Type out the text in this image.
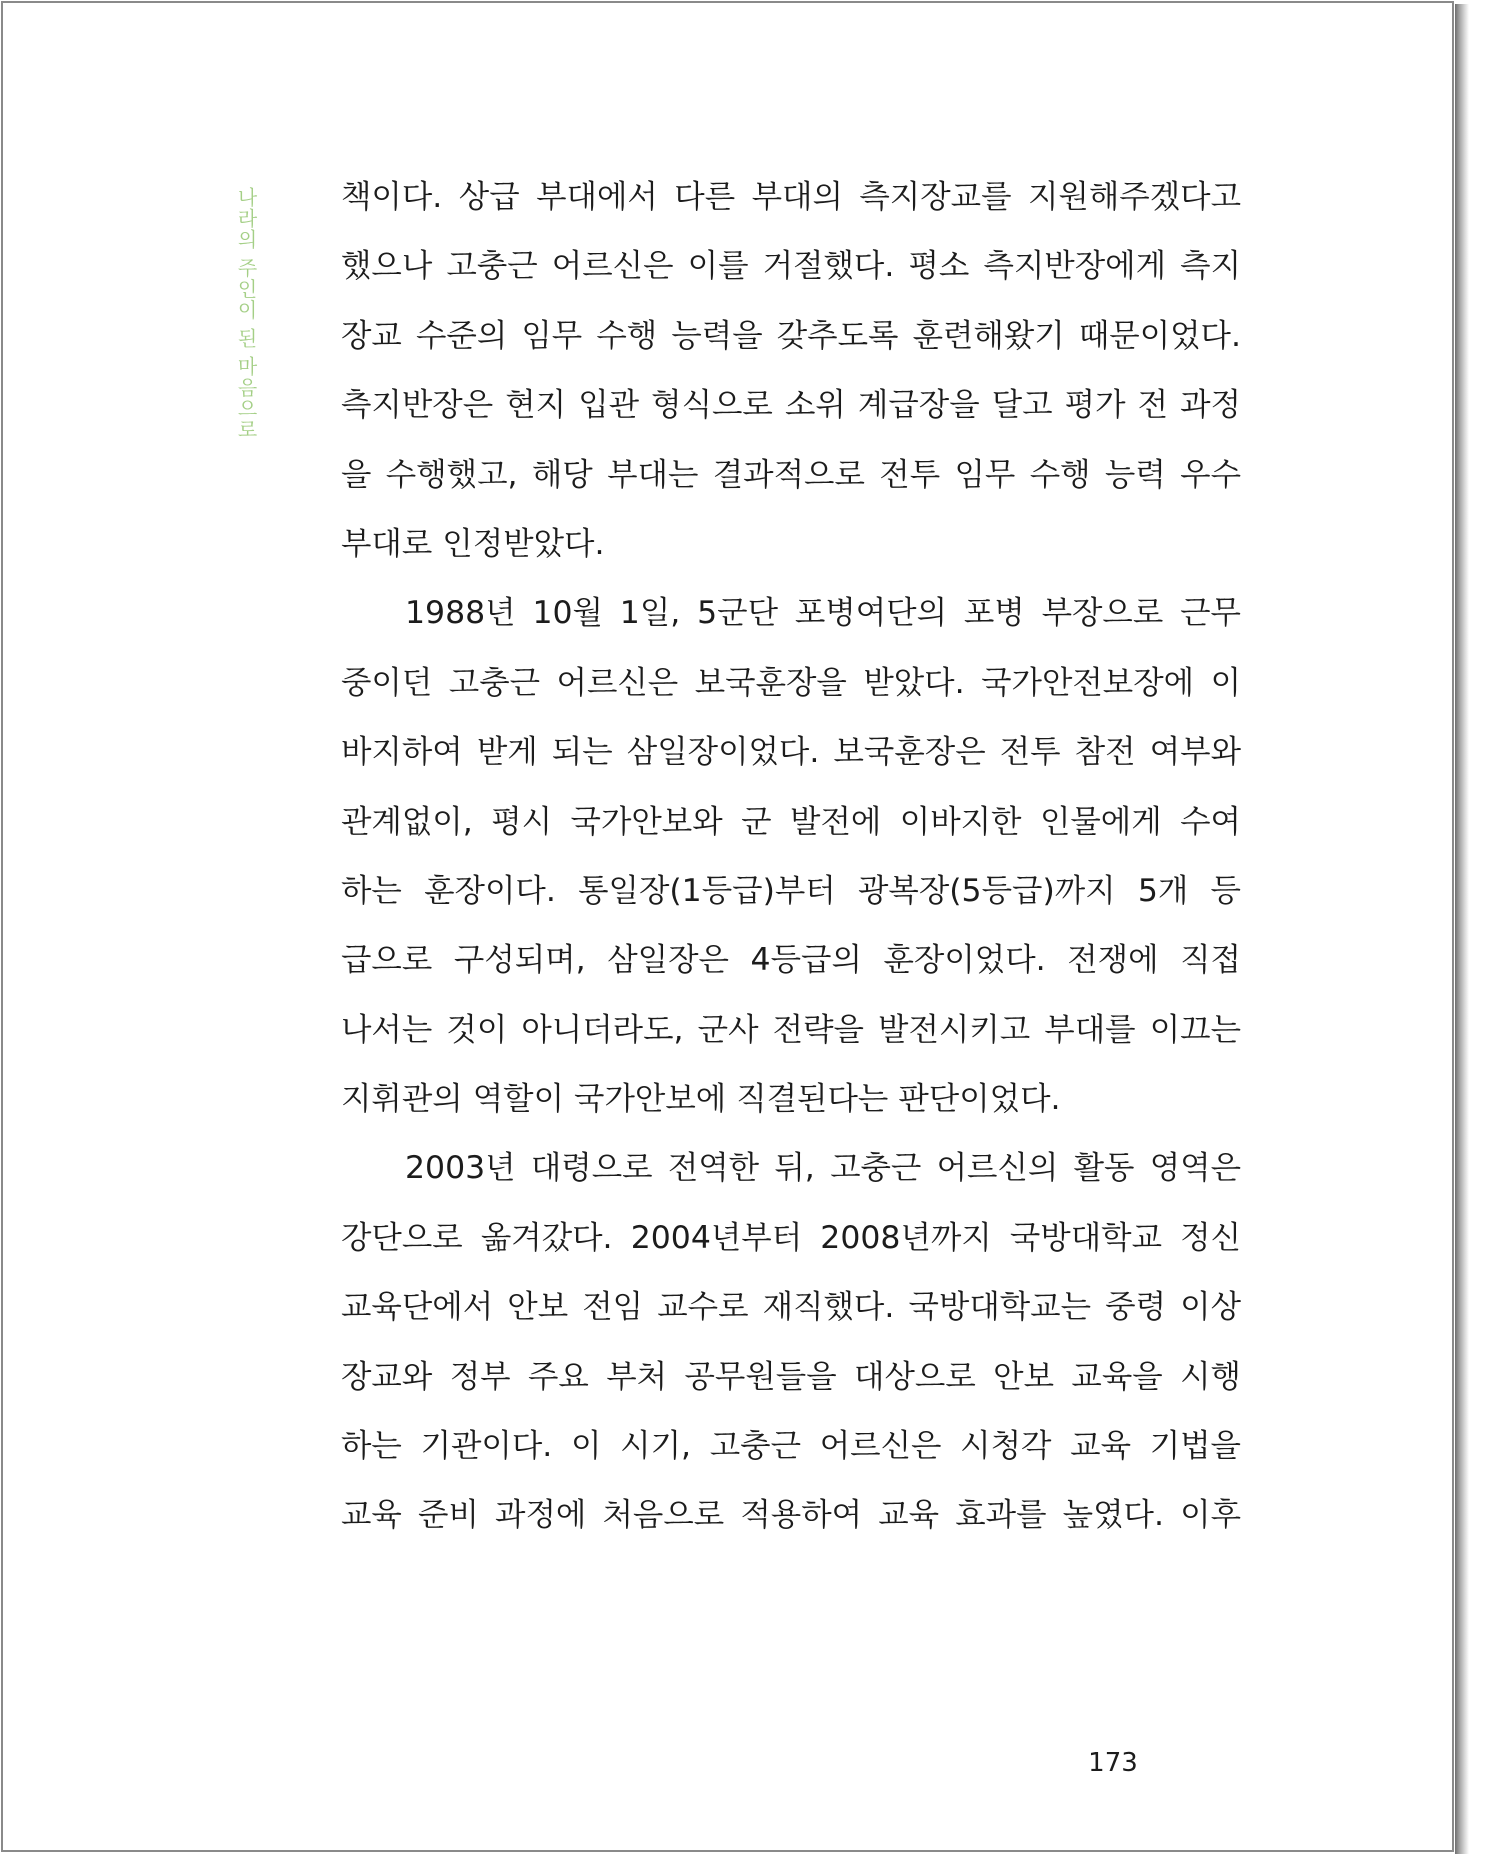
나라의 주인이 된 마음으로	책이다. 상급 부대에서 다른 부대의 측지장교를 지원해주겠다고
했으나 고충근 어르신은 이를 거절했다. 평소 측지반장에게 측지
장교 수준의 임무 수행 능력을 갖추도록 훈련해왔기 때문이었다.
측지반장은 현지 입관 형식으로 소위 계급장을 달고 평가 전 과정
을 수행했고, 해당 부대는 결과적으로 전투 임무 수행 능력 우수
부대로 인정받았다.
1988년 10월 1일, 5군단 포병여단의 포병 부장으로 근무
중이던 고충근 어르신은 보국훈장을 받았다. 국가안전보장에 이
바지하여 받게 되는 삼일장이었다. 보국훈장은 전투 참전 여부와
관계없이, 평시 국가안보와 군 발전에 이바지한 인물에게 수여
하는 훈장이다. 통일장(1등급)부터 광복장(5등급)까지 5개 등
급으로 구성되며, 삼일장은 4등급의 훈장이었다. 전쟁에 직접
나서는 것이 아니더라도, 군사 전략을 발전시키고 부대를 이끄는
지휘관의 역할이 국가안보에 직결된다는 판단이었다.
2003년 대령으로 전역한 뒤, 고충근 어르신의 활동 영역은
강단으로 옮겨갔다. 2004년부터 2008년까지 국방대학교 정신
교육단에서 안보 전임 교수로 재직했다. 국방대학교는 중령 이상
장교와 정부 주요 부처 공무원들을 대상으로 안보 교육을 시행
하는 기관이다. 이 시기, 고충근 어르신은 시청각 교육 기법을
교육 준비 과정에 처음으로 적용하여 교육 효과를 높였다. 이후
173
